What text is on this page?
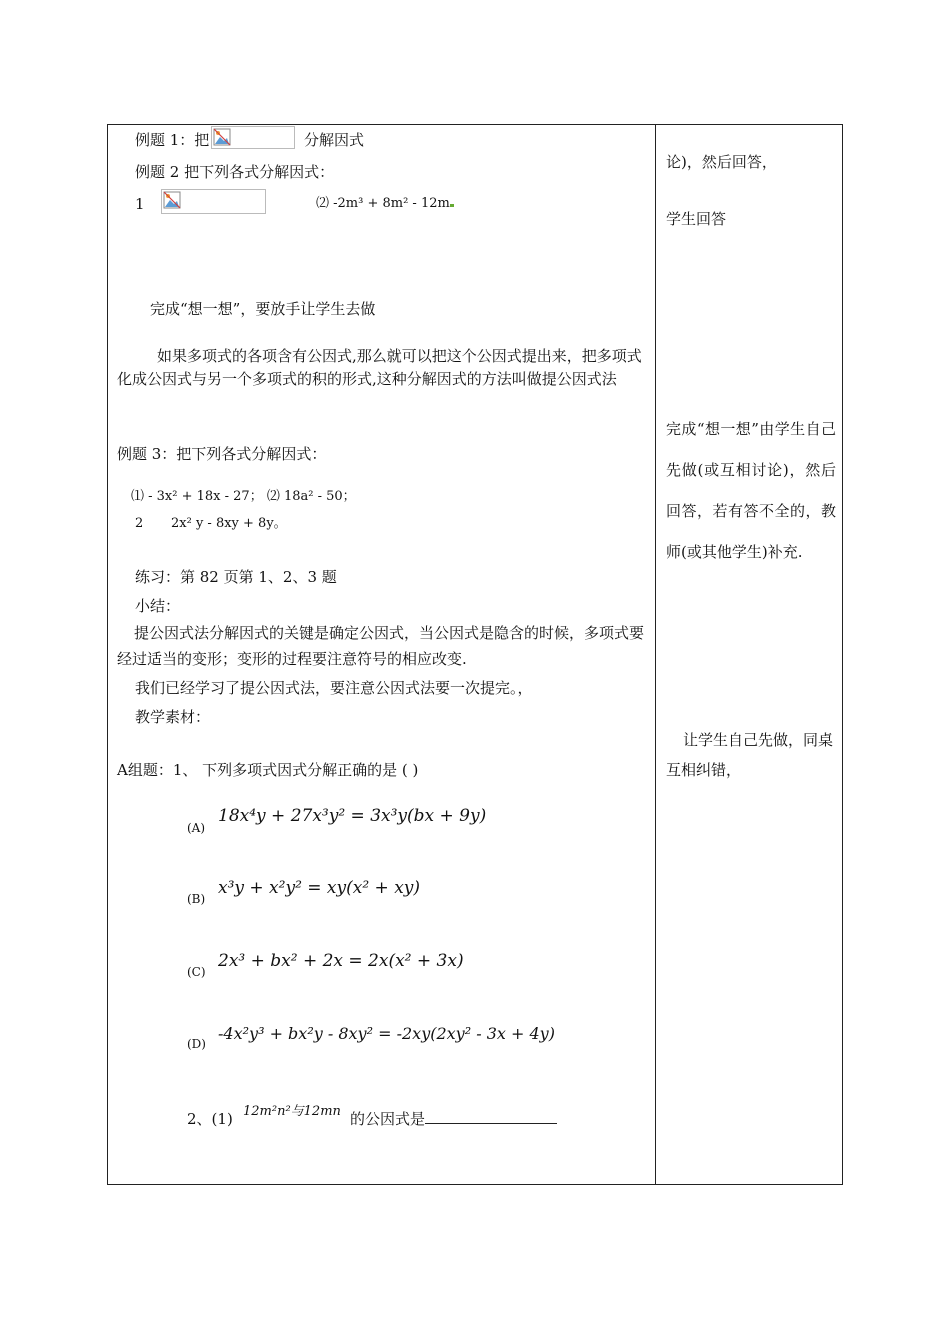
例题 1：把	分解因式
例题 2 把下列各式分解因式：
1	⑵ -2m³ + 8m² - 12m
完成“想一想”，要放手让学生去做
如果多项式的各项含有公因式,那么就可以把这个公因式提出来，把多项式化成公因式与另一个多项式的积的形式,这种分解因式的方法叫做提公因式法
例题 3：把下列各式分解因式：
⑴ - 3x² + 18x - 27； ⑵ 18a² - 50；
2 2x² y - 8xy + 8y。
练习：第 82 页第 1、2、3 题
小结：
提公因式法分解因式的关键是确定公因式，当公因式是隐含的时候，多项式要经过适当的变形；变形的过程要注意符号的相应改变.
我们已经学习了提公因式法，要注意公因式法要一次提完。，
教学素材：
A组题：1、 下列多项式因式分解正确的是 ( )
(A)
18x⁴y + 27x³y² = 3x³y(bx + 9y)
(B)
x³y + x²y² = xy(x² + xy)
(C)
2x³ + bx² + 2x = 2x(x² + 3x)
(D)
-4x²y³ + bx²y - 8xy² = -2xy(2xy² - 3x + 4y)
2、(1) 12m²n²与12mn 的公因式是
论)，然后回答，
学生回答
完成“想一想”由学生自己先做(或互相讨论)，然后回答，若有答不全的，教师(或其他学生)补充.
让学生自己先做，同桌互相纠错，
